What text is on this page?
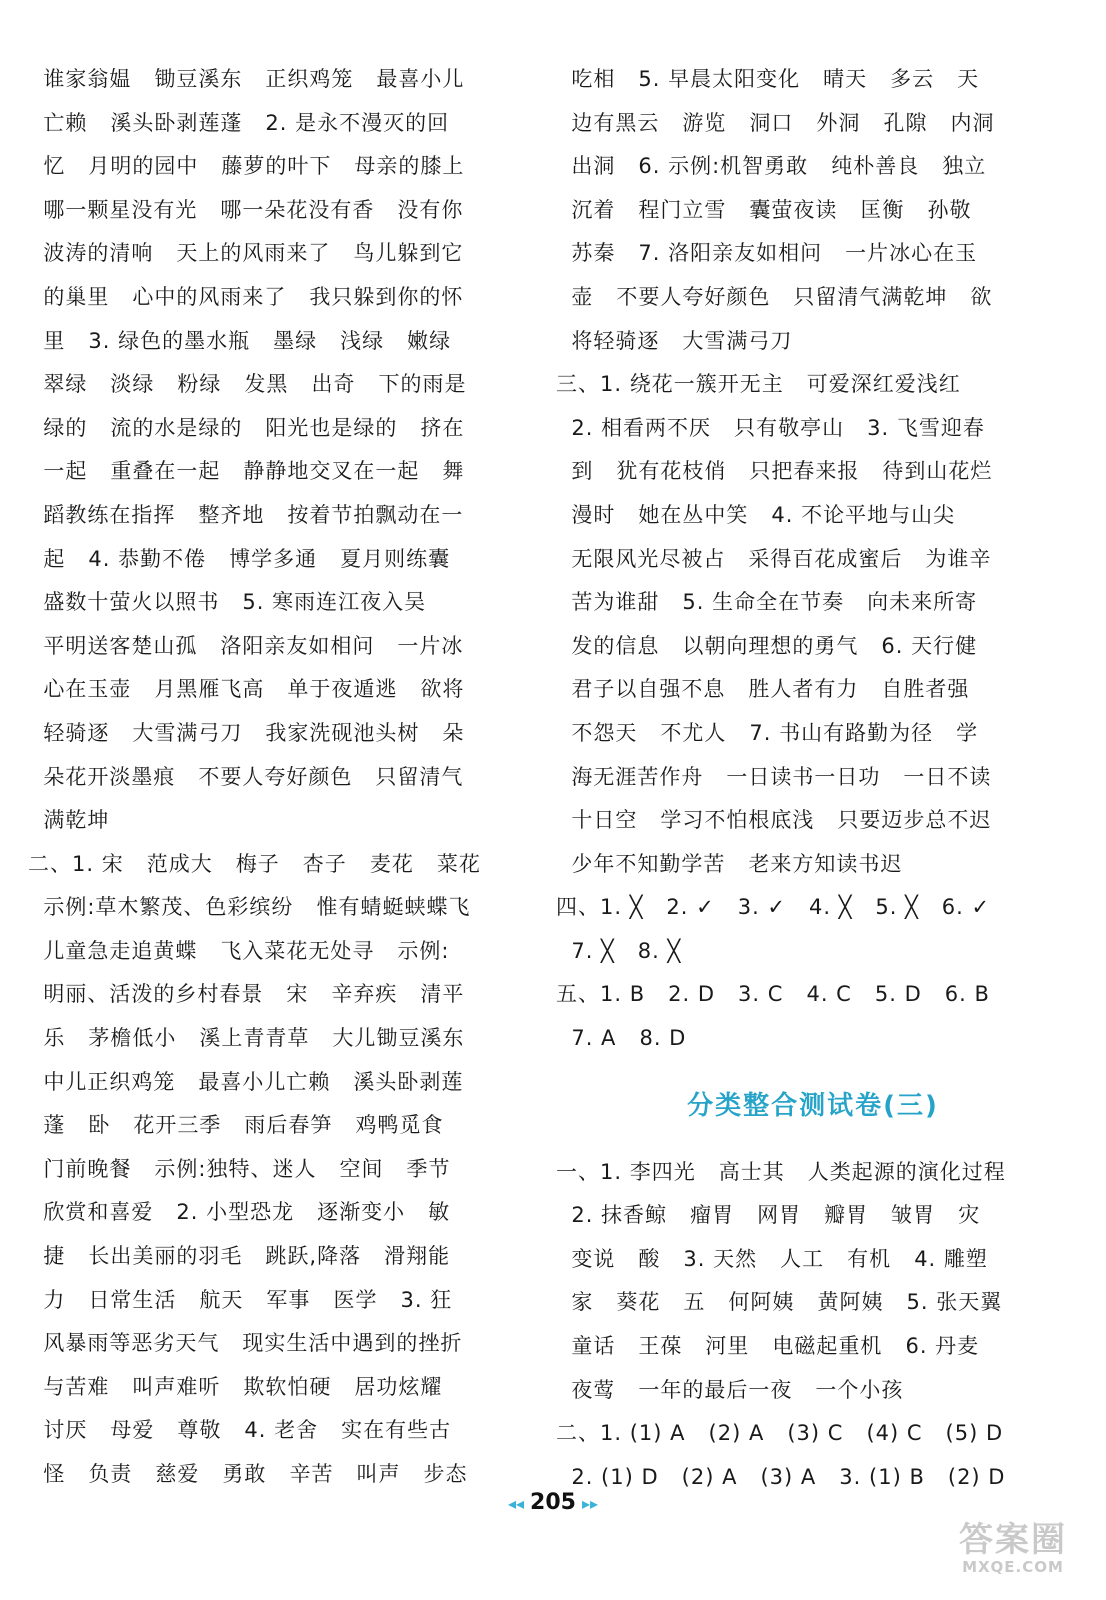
谁家翁媪   锄豆溪东   正织鸡笼   最喜小儿
亡赖   溪头卧剥莲蓬   2. 是永不漫灭的回
忆   月明的园中   藤萝的叶下   母亲的膝上
哪一颗星没有光   哪一朵花没有香   没有你
波涛的清响   天上的风雨来了   鸟儿躲到它
的巢里   心中的风雨来了   我只躲到你的怀
里   3. 绿色的墨水瓶   墨绿   浅绿   嫩绿
翠绿   淡绿   粉绿   发黑   出奇   下的雨是
绿的   流的水是绿的   阳光也是绿的   挤在
一起   重叠在一起   静静地交叉在一起   舞
蹈教练在指挥   整齐地   按着节拍飘动在一
起   4. 恭勤不倦   博学多通   夏月则练囊
盛数十萤火以照书   5. 寒雨连江夜入吴
平明送客楚山孤   洛阳亲友如相问   一片冰
心在玉壶   月黑雁飞高   单于夜遁逃   欲将
轻骑逐   大雪满弓刀   我家洗砚池头树   朵
朵花开淡墨痕   不要人夸好颜色   只留清气
满乾坤
二、1. 宋   范成大   梅子   杏子   麦花   菜花
示例:草木繁茂、色彩缤纷   惟有蜻蜓蛱蝶飞
儿童急走追黄蝶   飞入菜花无处寻   示例:
明丽、活泼的乡村春景   宋   辛弃疾   清平
乐   茅檐低小   溪上青青草   大儿锄豆溪东
中儿正织鸡笼   最喜小儿亡赖   溪头卧剥莲
蓬   卧   花开三季   雨后春笋   鸡鸭觅食
门前晚餐   示例:独特、迷人   空间   季节
欣赏和喜爱   2. 小型恐龙   逐渐变小   敏
捷   长出美丽的羽毛   跳跃,降落   滑翔能
力   日常生活   航天   军事   医学   3. 狂
风暴雨等恶劣天气   现实生活中遇到的挫折
与苦难   叫声难听   欺软怕硬   居功炫耀
讨厌   母爱   尊敬   4. 老舍   实在有些古
怪   负责   慈爱   勇敢   辛苦   叫声   步态
吃相   5. 早晨太阳变化   晴天   多云   天
边有黑云   游览   洞口   外洞   孔隙   内洞
出洞   6. 示例:机智勇敢   纯朴善良   独立
沉着   程门立雪   囊萤夜读   匡衡   孙敬
苏秦   7. 洛阳亲友如相问   一片冰心在玉
壶   不要人夸好颜色   只留清气满乾坤   欲
将轻骑逐   大雪满弓刀
三、1. 绕花一簇开无主   可爱深红爱浅红
2. 相看两不厌   只有敬亭山   3. 飞雪迎春
到   犹有花枝俏   只把春来报   待到山花烂
漫时   她在丛中笑   4. 不论平地与山尖
无限风光尽被占   采得百花成蜜后   为谁辛
苦为谁甜   5. 生命全在节奏   向未来所寄
发的信息   以朝向理想的勇气   6. 天行健
君子以自强不息   胜人者有力   自胜者强
不怨天   不尤人   7. 书山有路勤为径   学
海无涯苦作舟   一日读书一日功   一日不读
十日空   学习不怕根底浅   只要迈步总不迟
少年不知勤学苦   老来方知读书迟
四、1. ╳   2. ✓   3. ✓   4. ╳   5. ╳   6. ✓
7. ╳   8. ╳
五、1. B   2. D   3. C   4. C   5. D   6. B
7. A   8. D
分类整合测试卷(三)
一、1. 李四光   高士其   人类起源的演化过程
2. 抹香鲸   瘤胃   网胃   瓣胃   皱胃   灾
变说   酸   3. 天然   人工   有机   4. 雕塑
家   葵花   五   何阿姨   黄阿姨   5. 张天翼
童话   王葆   河里   电磁起重机   6. 丹麦
夜莺   一年的最后一夜   一个小孩
二、1. (1) A   (2) A   (3) C   (4) C   (5) D
2. (1) D   (2) A   (3) A   3. (1) B   (2) D
◂◂ 205 ▸▸
答案圈
MXQE.COM
